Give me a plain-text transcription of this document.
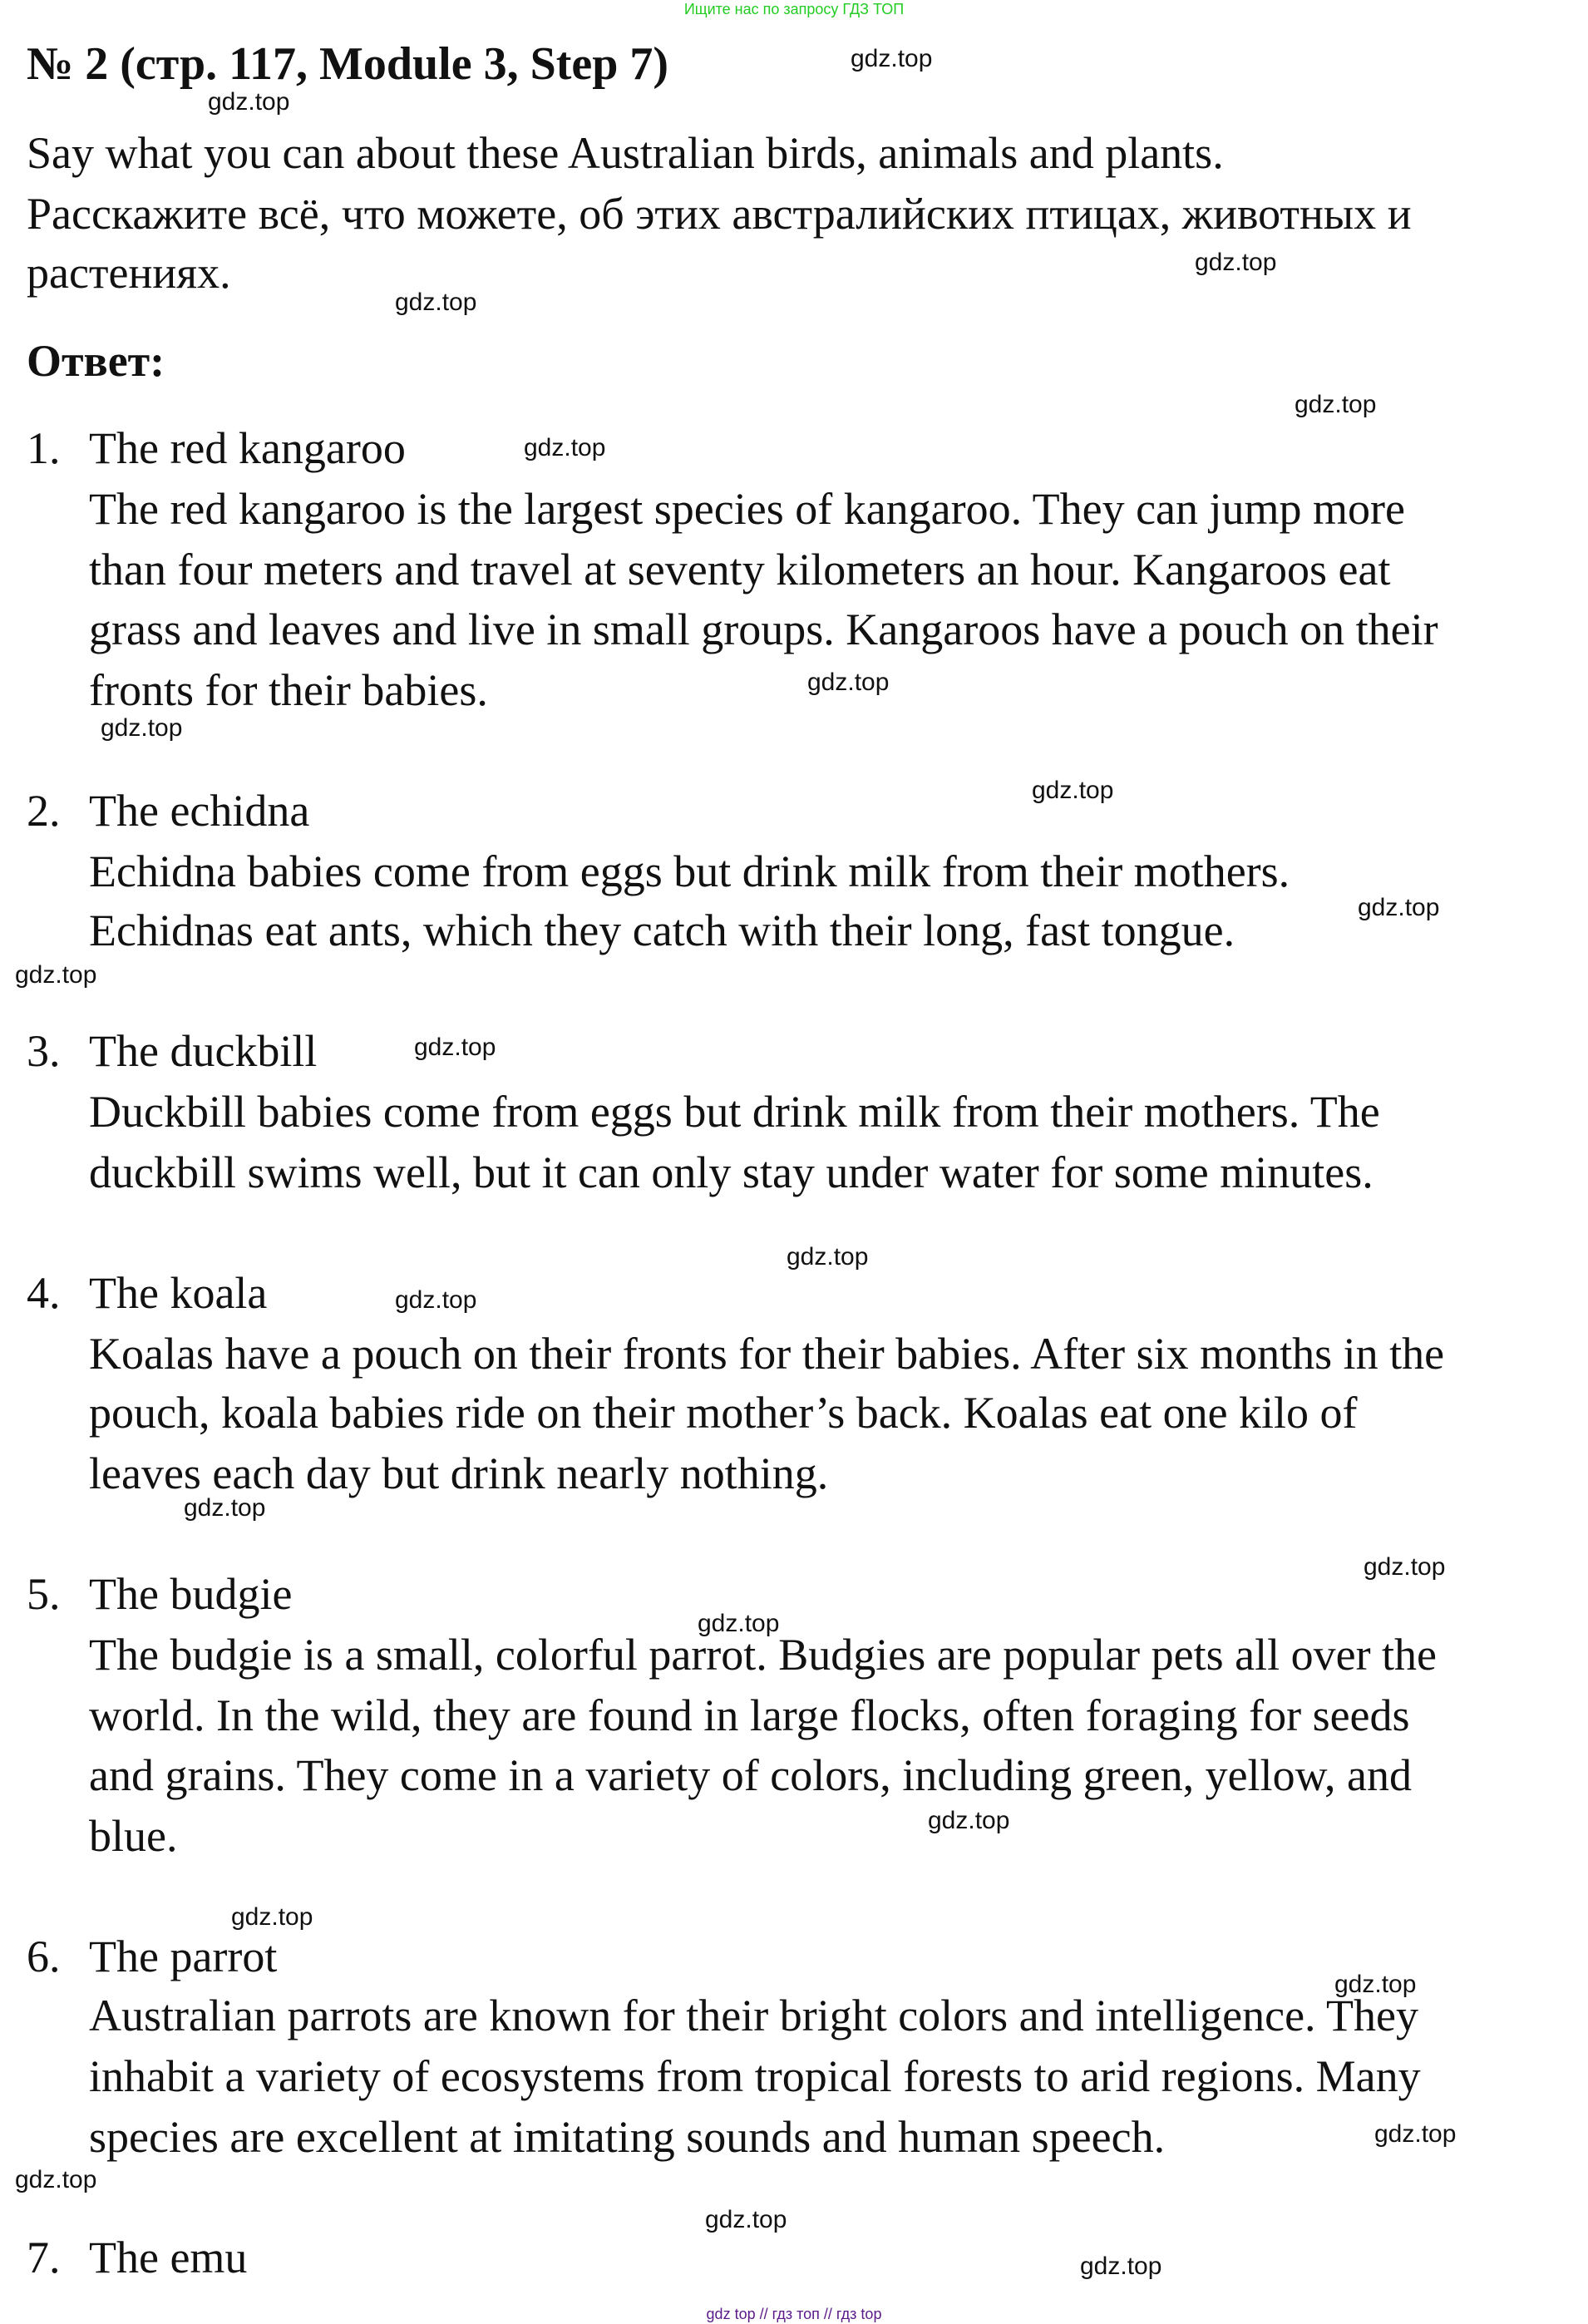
Ищите нас по запросу ГДЗ ТОП
№ 2 (стр. 117, Module 3, Step 7)
Say what you can about these Australian birds, animals and plants.
Расскажите всё, что можете, об этих австралийских птицах, животных и
растениях.
Ответ:
1. The red kangaroo
The red kangaroo is the largest species of kangaroo. They can jump more
than four meters and travel at seventy kilometers an hour. Kangaroos eat
grass and leaves and live in small groups. Kangaroos have a pouch on their
fronts for their babies.
2. The echidna
Echidna babies come from eggs but drink milk from their mothers.
Echidnas eat ants, which they catch with their long, fast tongue.
3. The duckbill
Duckbill babies come from eggs but drink milk from their mothers. The
duckbill swims well, but it can only stay under water for some minutes.
4. The koala
Koalas have a pouch on their fronts for their babies. After six months in the
pouch, koala babies ride on their mother’s back. Koalas eat one kilo of
leaves each day but drink nearly nothing.
5. The budgie
The budgie is a small, colorful parrot. Budgies are popular pets all over the
world. In the wild, they are found in large flocks, often foraging for seeds
and grains. They come in a variety of colors, including green, yellow, and
blue.
6. The parrot
Australian parrots are known for their bright colors and intelligence. They
inhabit a variety of ecosystems from tropical forests to arid regions. Many
species are excellent at imitating sounds and human speech.
7. The emu
gdz.top
gdz.top
gdz.top
gdz.top
gdz.top
gdz.top
gdz.top
gdz.top
gdz.top
gdz.top
gdz.top
gdz.top
gdz.top
gdz.top
gdz.top
gdz.top
gdz.top
gdz.top
gdz.top
gdz.top
gdz.top
gdz.top
gdz.top
gdz.top
gdz top // гдз топ // гдз top
